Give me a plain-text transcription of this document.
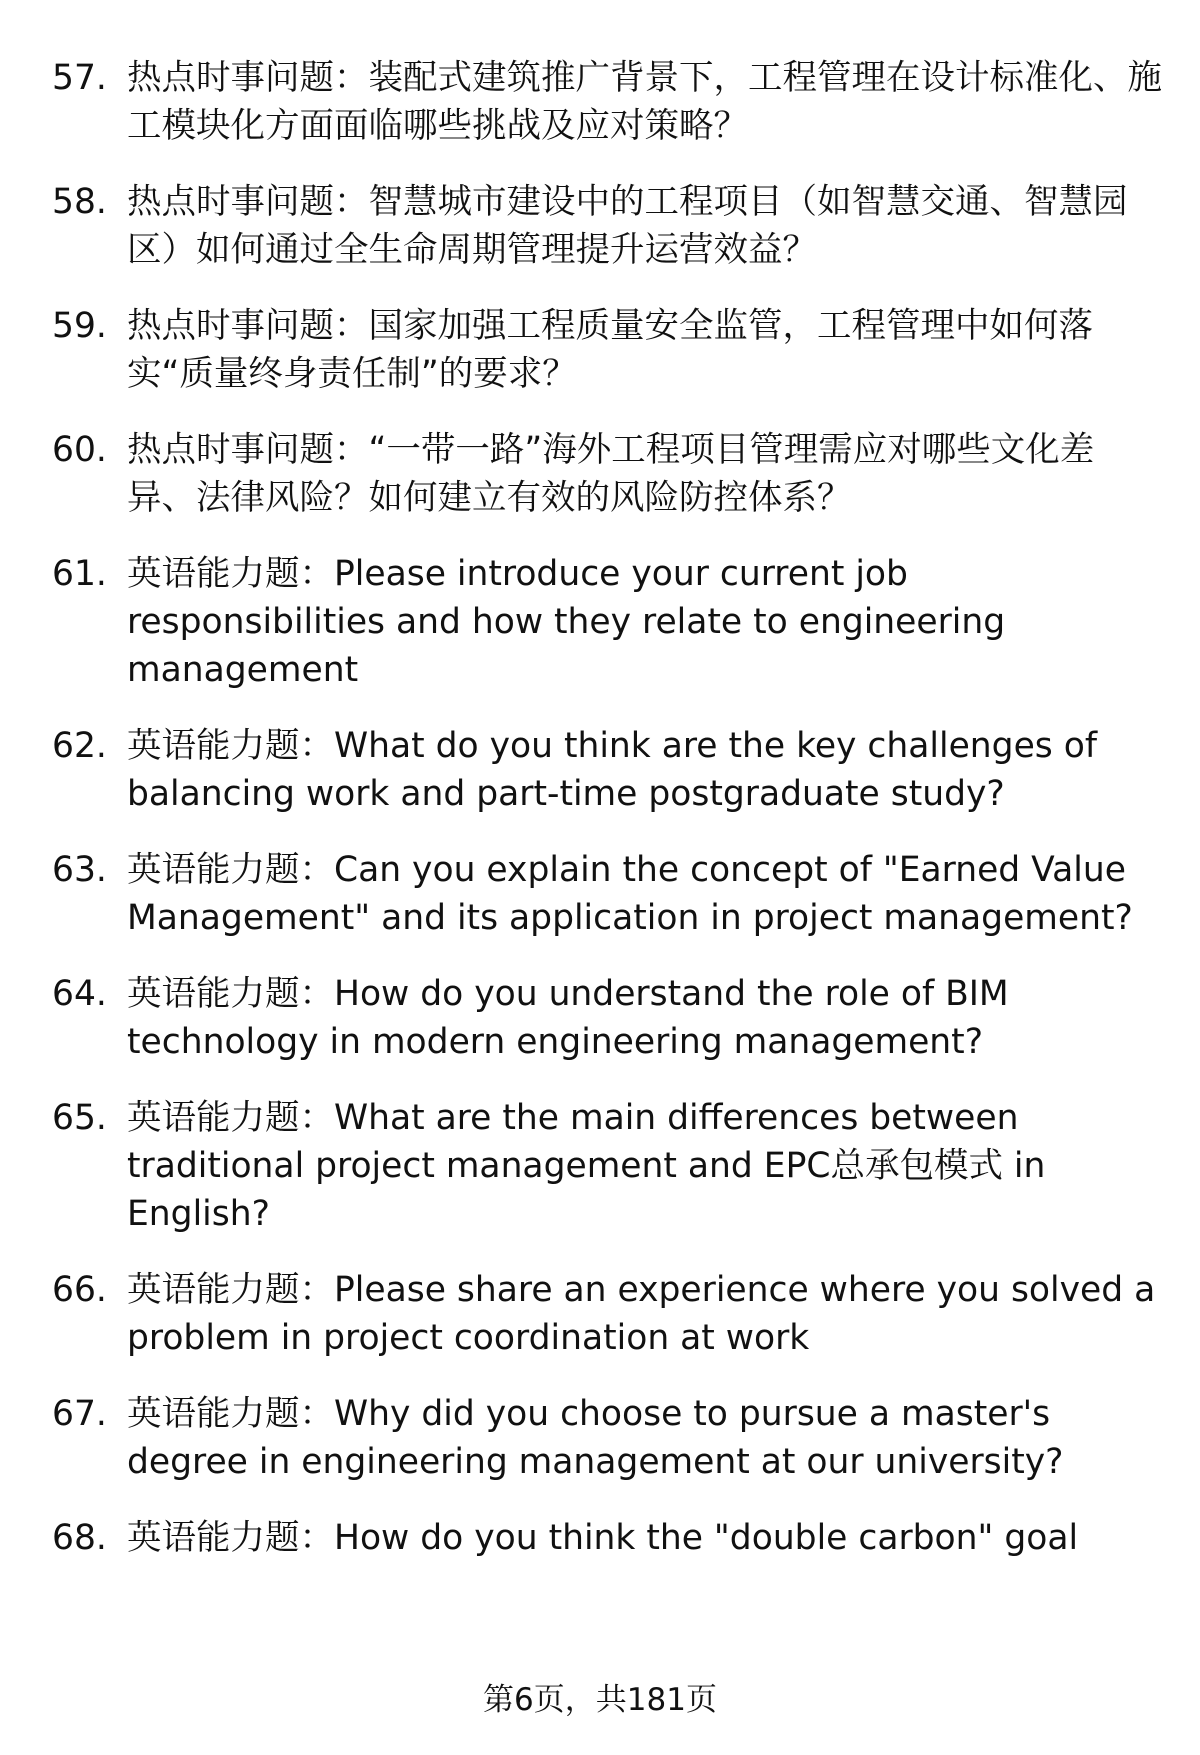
57. 热点时事问题：装配式建筑推广背景下，工程管理在设计标准化、施工模块化方面面临哪些挑战及应对策略？
58. 热点时事问题：智慧城市建设中的工程项目（如智慧交通、智慧园区）如何通过全生命周期管理提升运营效益？
59. 热点时事问题：国家加强工程质量安全监管，工程管理中如何落实“质量终身责任制”的要求？
60. 热点时事问题：“一带一路”海外工程项目管理需应对哪些文化差异、法律风险？如何建立有效的风险防控体系？
61. 英语能力题：Please introduce your current job responsibilities and how they relate to engineering management
62. 英语能力题：What do you think are the key challenges of balancing work and part-time postgraduate study?
63. 英语能力题：Can you explain the concept of "Earned Value Management" and its application in project management?
64. 英语能力题：How do you understand the role of BIM technology in modern engineering management?
65. 英语能力题：What are the main differences between traditional project management and EPC总承包模式 in English?
66. 英语能力题：Please share an experience where you solved a problem in project coordination at work
67. 英语能力题：Why did you choose to pursue a master's degree in engineering management at our university?
68. 英语能力题：How do you think the "double carbon" goal
第6页，共181页
